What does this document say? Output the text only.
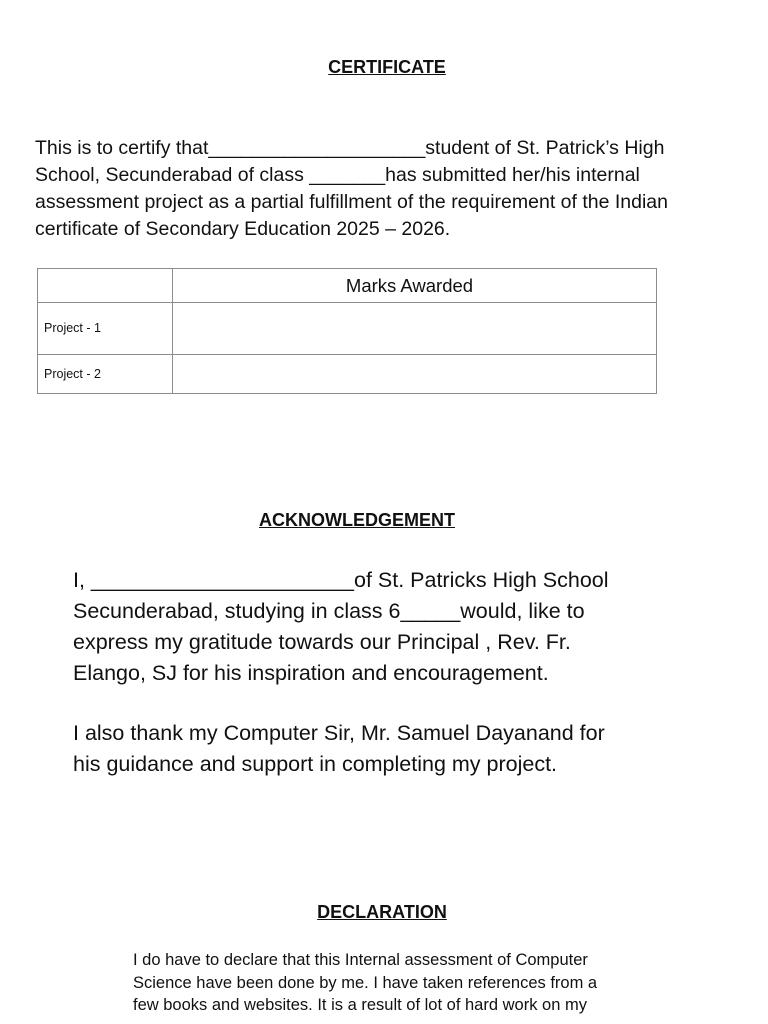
CERTIFICATE

This is to certify that____________________student of St. Patrick’s High
School, Secunderabad of class _______has submitted her/his internal
assessment project as a partial fulfillment of the requirement of the Indian
certificate of Secondary Education 2025 – 2026.

	Marks Awarded
Project - 1	
Project - 2	
ACKNOWLEDGEMENT

I, ______________________of St. Patricks High School
Secunderabad, studying in class 6_____would, like to
express my gratitude towards our Principal , Rev. Fr.
Elango, SJ for his inspiration and encouragement.

I also thank my Computer Sir, Mr. Samuel Dayanand for
his guidance and support in completing my project.

DECLARATION

I do have to declare that this Internal assessment of Computer
Science have been done by me. I have taken references from a
few books and websites. It is a result of lot of hard work on my
